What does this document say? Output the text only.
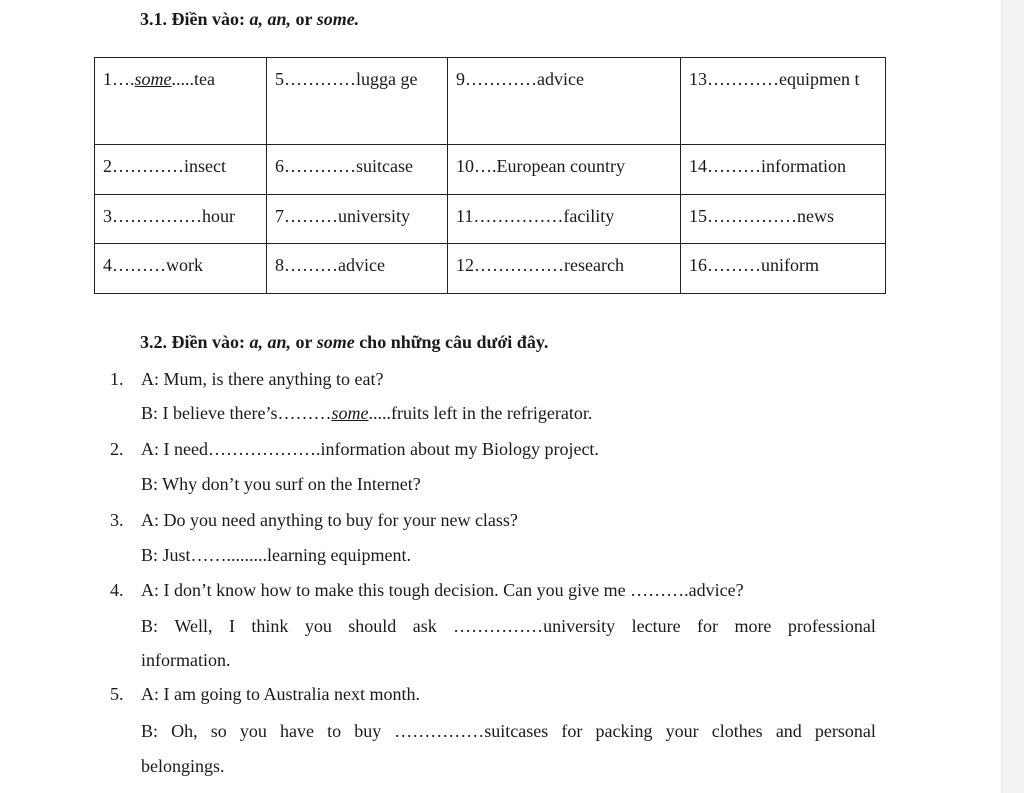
3.1. Điền vào: a, an, or some.
1….some.....tea	5…………lugga ge	9…………advice	13…………equipmen t
2…………insect	6…………suitcase	10….European country	14………information
3……………hour	7………university	11……………facility	15……………news
4………work	8………advice	12……………research	16………uniform
3.2. Điền vào: a, an, or some cho những câu dưới đây.
1. A: Mum, is there anything to eat?
B: I believe there’s………some.....fruits left in the refrigerator.
2. A: I need……………….information about my Biology project.
B: Why don’t you surf on the Internet?
3. A: Do you need anything to buy for your new class?
B: Just…….........learning equipment.
4. A: I don’t know how to make this tough decision. Can you give me ……….advice?
B: Well, I think you should ask ……………university lecture for more professional
information.
5. A: I am going to Australia next month.
B: Oh, so you have to buy ……………suitcases for packing your clothes and personal
belongings.
